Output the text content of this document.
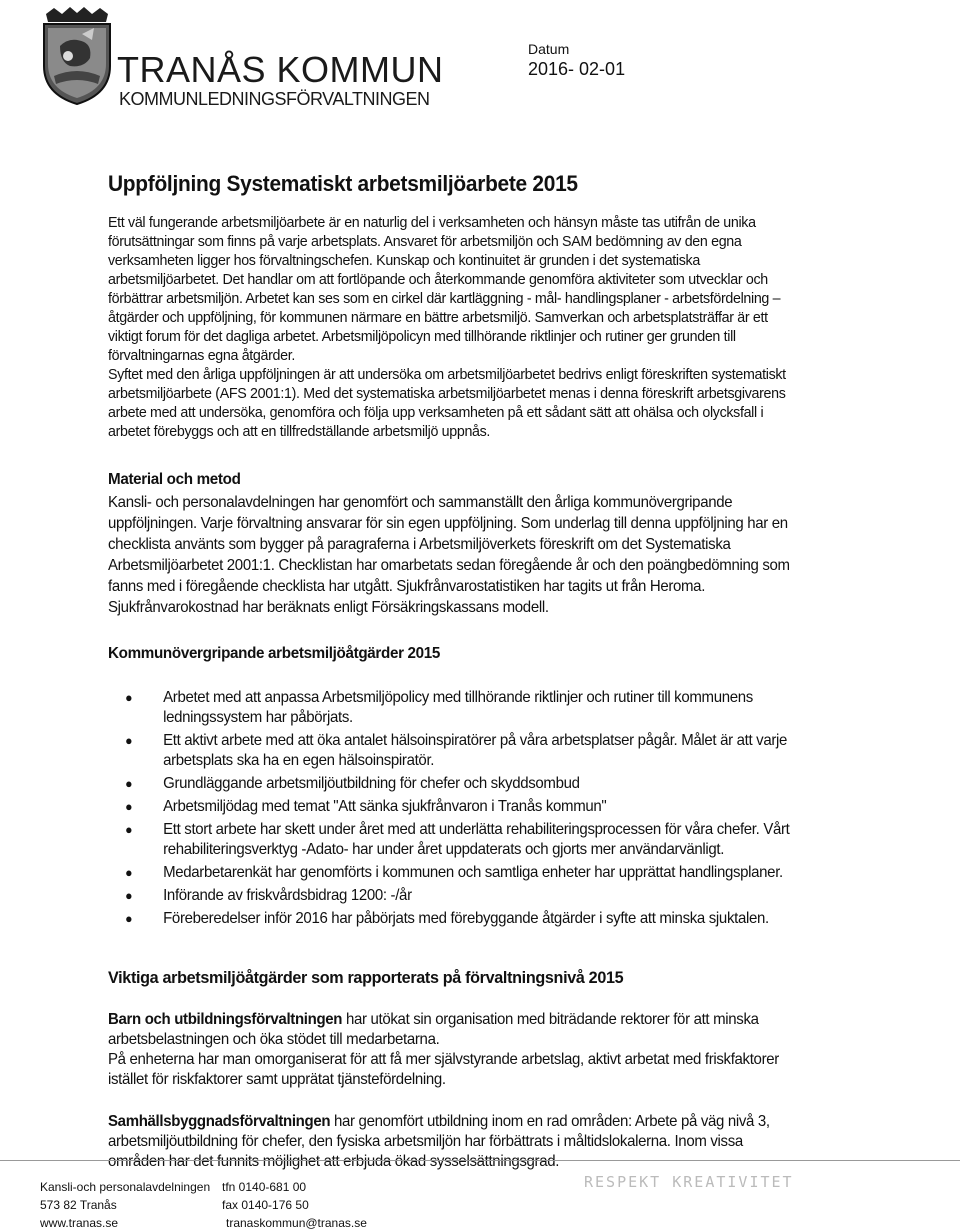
TRANÅS KOMMUN
KOMMUNLEDNINGSFÖRVALTNINGEN
Datum
2016- 02-01
Uppföljning Systematiskt arbetsmiljöarbete 2015

Ett väl fungerande arbetsmiljöarbete är en naturlig del i verksamheten och hänsyn måste tas utifrån de unika förutsättningar som finns på varje arbetsplats. Ansvaret för arbetsmiljön och SAM bedömning av den egna verksamheten ligger hos förvaltningschefen. Kunskap och kontinuitet är grunden i det systematiska arbetsmiljöarbetet. Det handlar om att fortlöpande och återkommande genomföra aktiviteter som utvecklar och förbättrar arbetsmiljön. Arbetet kan ses som en cirkel där kartläggning - mål- handlingsplaner - arbetsfördelning – åtgärder och uppföljning, för kommunen närmare en bättre arbetsmiljö. Samverkan och arbetsplatsträffar är ett viktigt forum för det dagliga arbetet. Arbetsmiljöpolicyn med tillhörande riktlinjer och rutiner ger grunden till förvaltningarnas egna åtgärder.

Syftet med den årliga uppföljningen är att undersöka om arbetsmiljöarbetet bedrivs enligt föreskriften systematiskt arbetsmiljöarbete (AFS 2001:1). Med det systematiska arbetsmiljöarbetet menas i denna föreskrift arbetsgivarens arbete med att undersöka, genomföra och följa upp verksamheten på ett sådant sätt att ohälsa och olycksfall i arbetet förebyggs och att en tillfredställande arbetsmiljö uppnås.

Material och metod

Kansli- och personalavdelningen har genomfört och sammanställt den årliga kommunövergripande uppföljningen. Varje förvaltning ansvarar för sin egen uppföljning. Som underlag till denna uppföljning har en checklista använts som bygger på paragraferna i Arbetsmiljöverkets föreskrift om det Systematiska Arbetsmiljöarbetet 2001:1. Checklistan har omarbetats sedan föregående år och den poängbedömning som fanns med i föregående checklista har utgått. Sjukfrånvarostatistiken har tagits ut från Heroma. Sjukfrånvarokostnad har beräknats enligt Försäkringskassans modell.

Kommunövergripande arbetsmiljöåtgärder 2015
● Arbetet med att anpassa Arbetsmiljöpolicy med tillhörande riktlinjer och rutiner till kommunens ledningssystem har påbörjats.
● Ett aktivt arbete med att öka antalet hälsoinspiratörer på våra arbetsplatser pågår. Målet är att varje arbetsplats ska ha en egen hälsoinspiratör.
● Grundläggande arbetsmiljöutbildning för chefer och skyddsombud
● Arbetsmiljödag med temat "Att sänka sjukfrånvaron i Tranås kommun"
● Ett stort arbete har skett under året med att underlätta rehabiliteringsprocessen för våra chefer. Vårt rehabiliteringsverktyg -Adato- har under året uppdaterats och gjorts mer användarvänligt.
● Medarbetarenkät har genomförts i kommunen och samtliga enheter har upprättat handlingsplaner.
● Införande av friskvårdsbidrag 1200: -/år
● Föreberedelser inför 2016 har påbörjats med förebyggande åtgärder i syfte att minska sjuktalen.
Viktiga arbetsmiljöåtgärder som rapporterats på förvaltningsnivå 2015

Barn och utbildningsförvaltningen har utökat sin organisation med biträdande rektorer för att minska arbetsbelastningen och öka stödet till medarbetarna.

På enheterna har man omorganiserat för att få mer självstyrande arbetslag, aktivt arbetat med friskfaktorer istället för riskfaktorer samt upprätat tjänstefördelning.

Samhällsbyggnadsförvaltningen har genomfört utbildning inom en rad områden: Arbete på väg nivå 3, arbetsmiljöutbildning för chefer, den fysiska arbetsmiljön har förbättrats i måltidslokalerna. Inom vissa områden har det funnits möjlighet att erbjuda ökad sysselsättningsgrad.

Kansli-och personalavdelningen
573 82 Tranås
www.tranas.se
tfn 0140-681 00
fax 0140-176 50
tranaskommun@tranas.se
RESPEKT KREATIVITET
